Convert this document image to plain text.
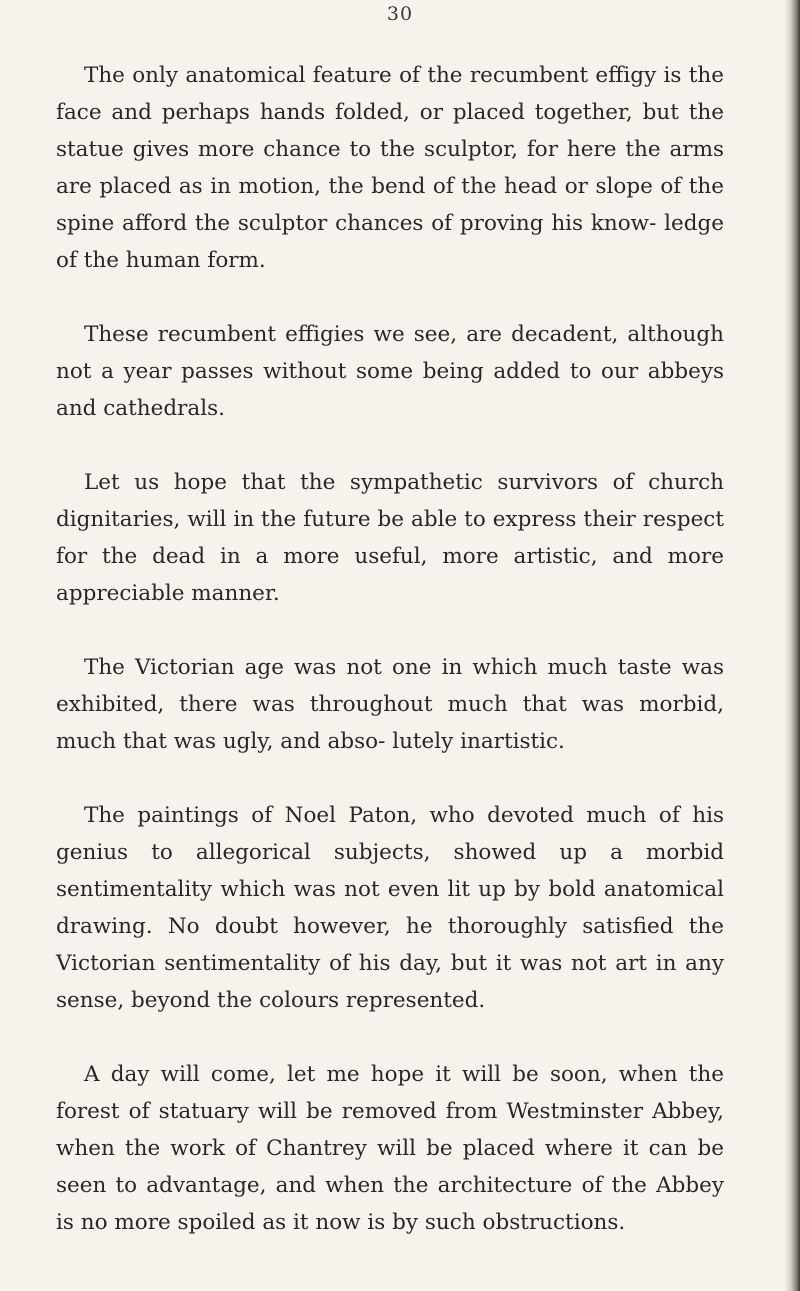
30

The only anatomical feature of the recumbent effigy is the face and perhaps hands folded, or placed together, but the statue gives more chance to the sculptor, for here the arms are placed as in motion, the bend of the head or slope of the spine afford the sculptor chances of proving his know- ledge of the human form.

These recumbent effigies we see, are decadent, although not a year passes without some being added to our abbeys and cathedrals.

Let us hope that the sympathetic survivors of church dignitaries, will in the future be able to express their respect for the dead in a more useful, more artistic, and more appreciable manner.

The Victorian age was not one in which much taste was exhibited, there was throughout much that was morbid, much that was ugly, and abso- lutely inartistic.

The paintings of Noel Paton, who devoted much of his genius to allegorical subjects, showed up a morbid sentimentality which was not even lit up by bold anatomical drawing. No doubt however, he thoroughly satisfied the Victorian sentimentality of his day, but it was not art in any sense, beyond the colours represented.

A day will come, let me hope it will be soon, when the forest of statuary will be removed from Westminster Abbey, when the work of Chantrey will be placed where it can be seen to advantage, and when the architecture of the Abbey is no more spoiled as it now is by such obstructions.
